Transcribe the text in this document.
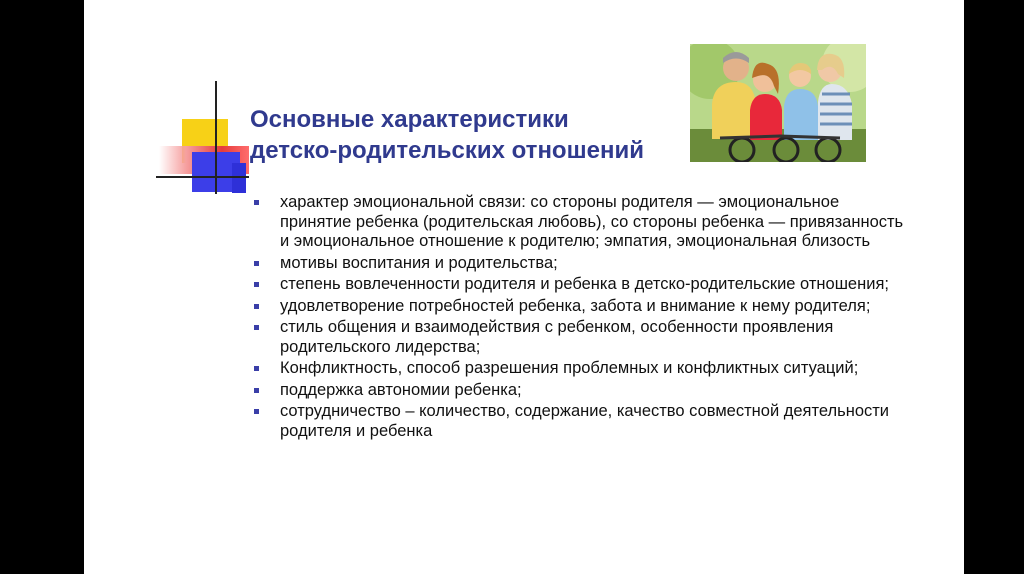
Основные характеристики
детско-родительских отношений
характер эмоциональной связи: со стороны родителя — эмоциональное принятие ребенка (родительская любовь), со стороны ребенка — привязанность и эмоциональное отношение к родителю; эмпатия, эмоциональная близость
мотивы воспитания и родительства;
степень вовлеченности родителя и ребенка в детско-родительские отношения;
удовлетворение потребностей ребенка, забота и внимание к нему родителя;
стиль общения и взаимодействия с ребенком, особенности проявления родительского лидерства;
Конфликтность, способ разрешения проблемных и конфликтных ситуаций;
поддержка автономии ребенка;
сотрудничество – количество, содержание, качество совместной деятельности родителя и ребенка
